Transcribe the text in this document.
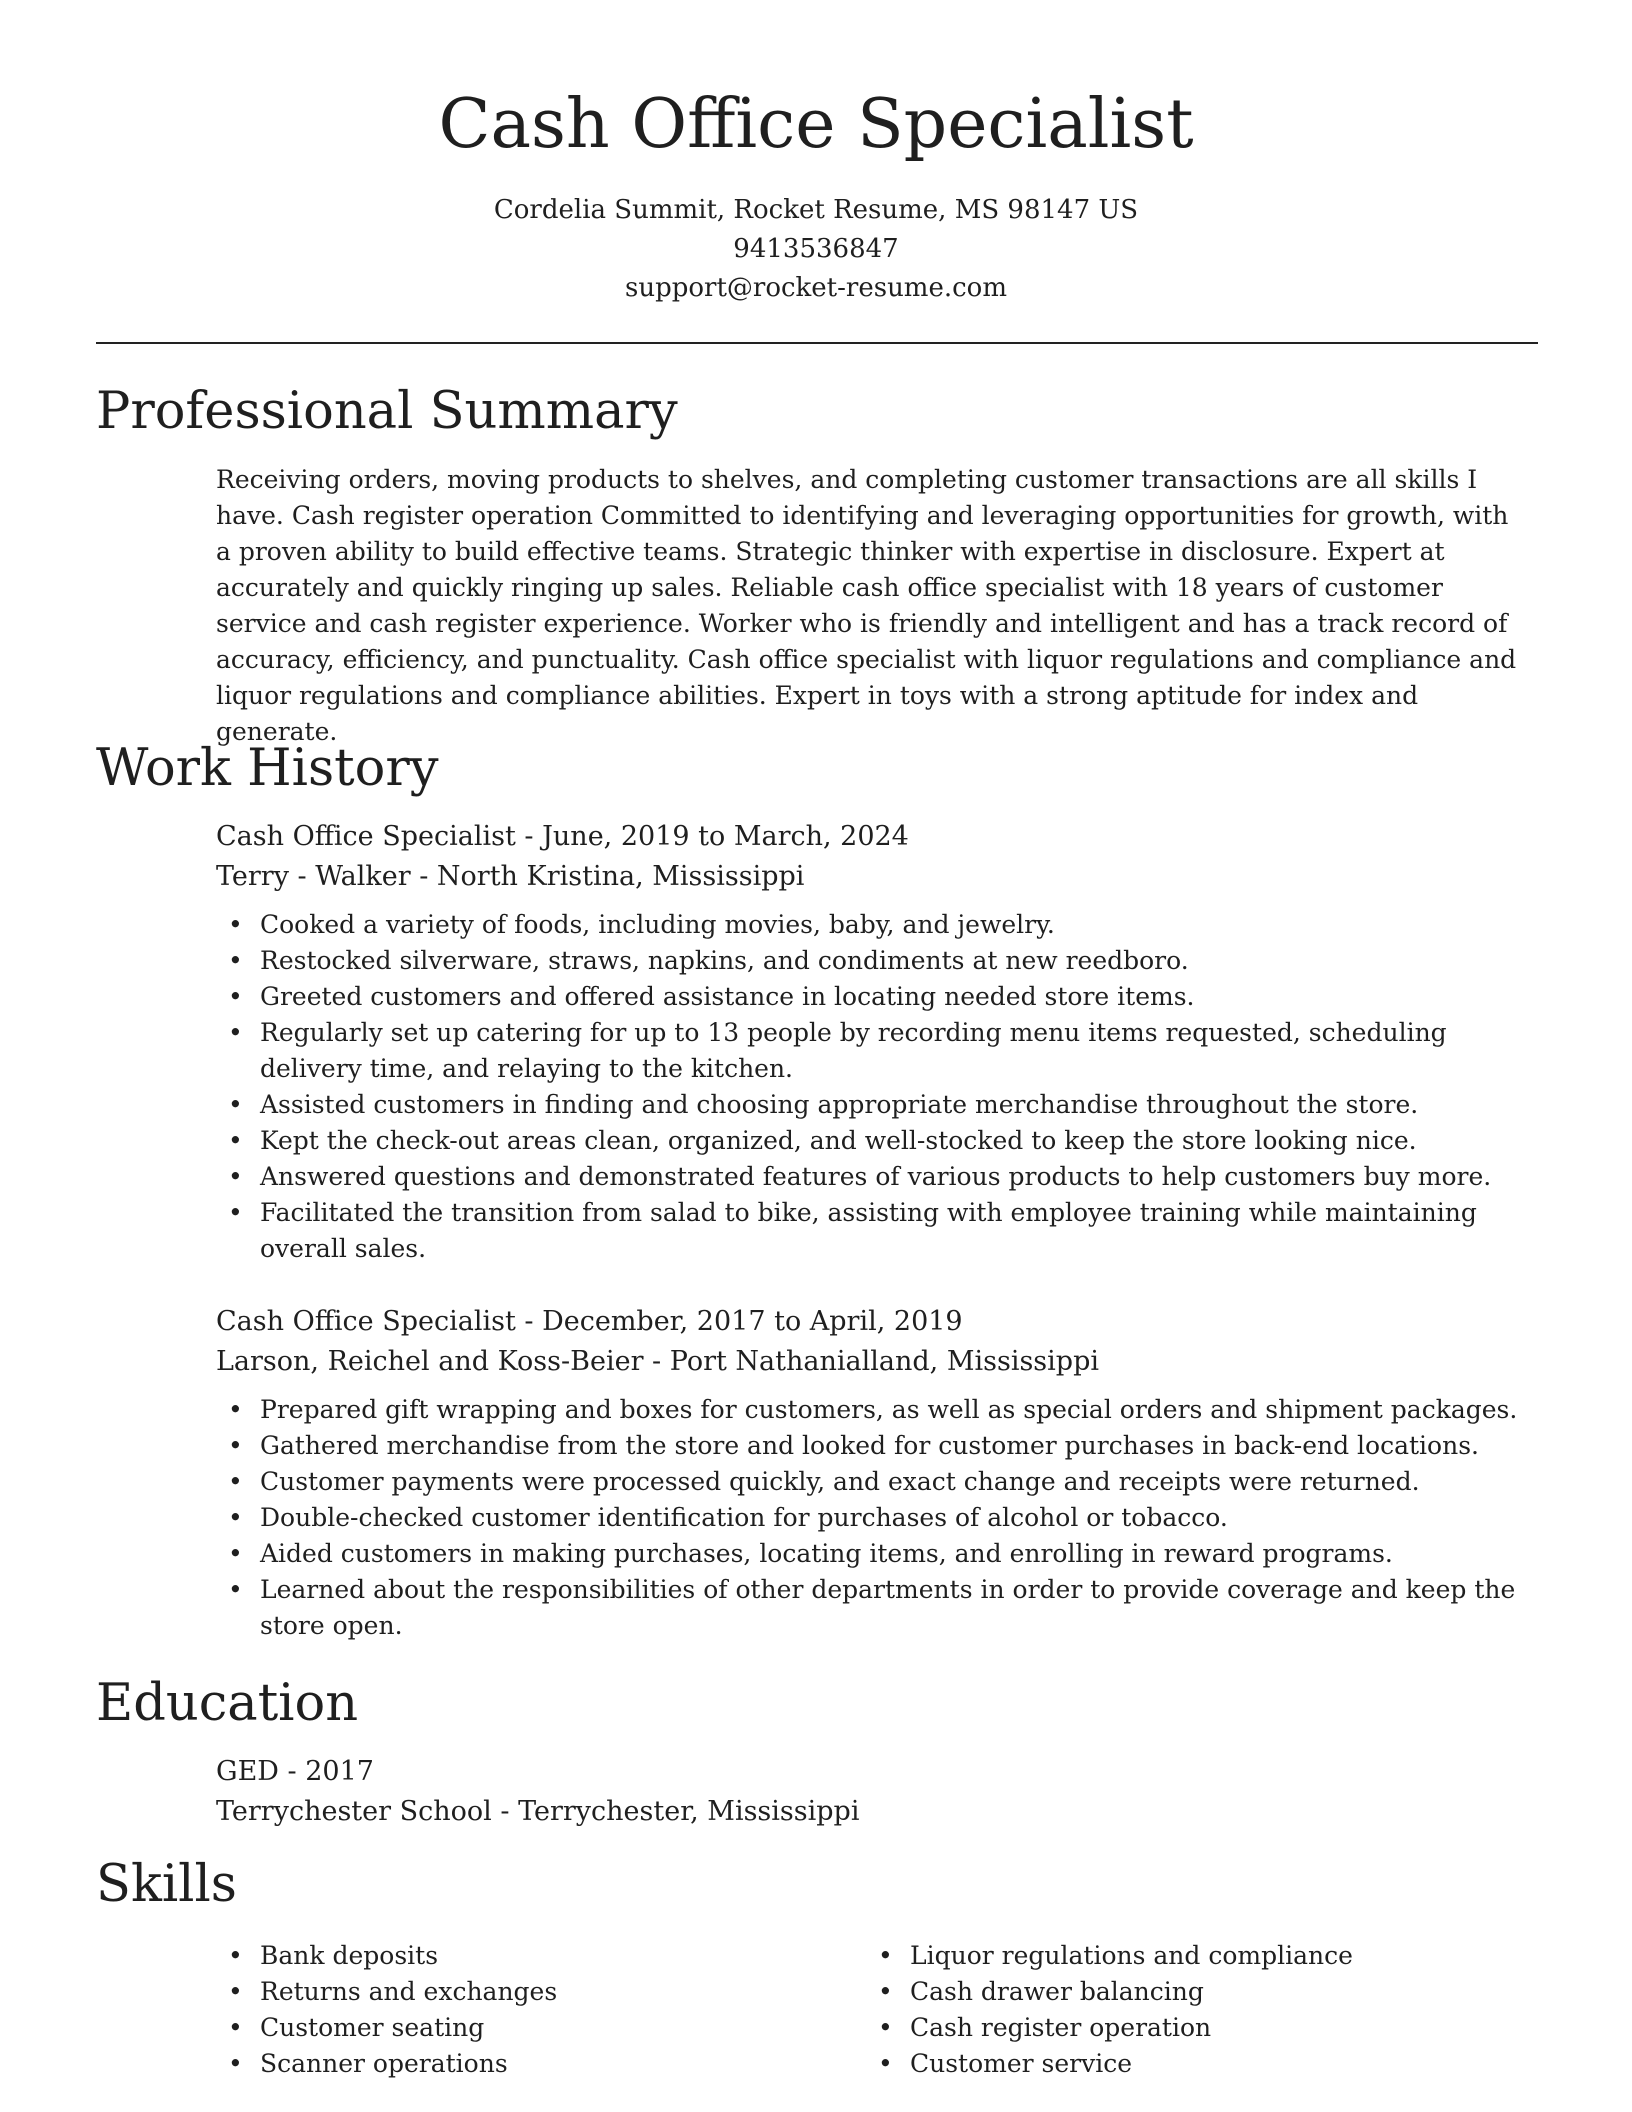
Cash Office Specialist
Cordelia Summit, Rocket Resume, MS 98147 US
9413536847
support@rocket-resume.com
Professional Summary

Receiving orders, moving products to shelves, and completing customer transactions are all skills I have. Cash register operation Committed to identifying and leveraging opportunities for growth, with a proven ability to build effective teams. Strategic thinker with expertise in disclosure. Expert at accurately and quickly ringing up sales. Reliable cash office specialist with 18 years of customer service and cash register experience. Worker who is friendly and intelligent and has a track record of accuracy, efficiency, and punctuality. Cash office specialist with liquor regulations and compliance and liquor regulations and compliance abilities. Expert in toys with a strong aptitude for index and generate.

Work History
Cash Office Specialist - June, 2019 to March, 2024
Terry - Walker - North Kristina, Mississippi
• Cooked a variety of foods, including movies, baby, and jewelry.
• Restocked silverware, straws, napkins, and condiments at new reedboro.
• Greeted customers and offered assistance in locating needed store items.
• Regularly set up catering for up to 13 people by recording menu items requested, scheduling delivery time, and relaying to the kitchen.
• Assisted customers in finding and choosing appropriate merchandise throughout the store.
• Kept the check-out areas clean, organized, and well-stocked to keep the store looking nice.
• Answered questions and demonstrated features of various products to help customers buy more.
• Facilitated the transition from salad to bike, assisting with employee training while maintaining overall sales.
Cash Office Specialist - December, 2017 to April, 2019
Larson, Reichel and Koss-Beier - Port Nathanialland, Mississippi
• Prepared gift wrapping and boxes for customers, as well as special orders and shipment packages.
• Gathered merchandise from the store and looked for customer purchases in back-end locations.
• Customer payments were processed quickly, and exact change and receipts were returned.
• Double-checked customer identification for purchases of alcohol or tobacco.
• Aided customers in making purchases, locating items, and enrolling in reward programs.
• Learned about the responsibilities of other departments in order to provide coverage and keep the store open.
Education
GED - 2017
Terrychester School - Terrychester, Mississippi
Skills
• Bank deposits
• Returns and exchanges
• Customer seating
• Scanner operations
• Liquor regulations and compliance
• Cash drawer balancing
• Cash register operation
• Customer service
